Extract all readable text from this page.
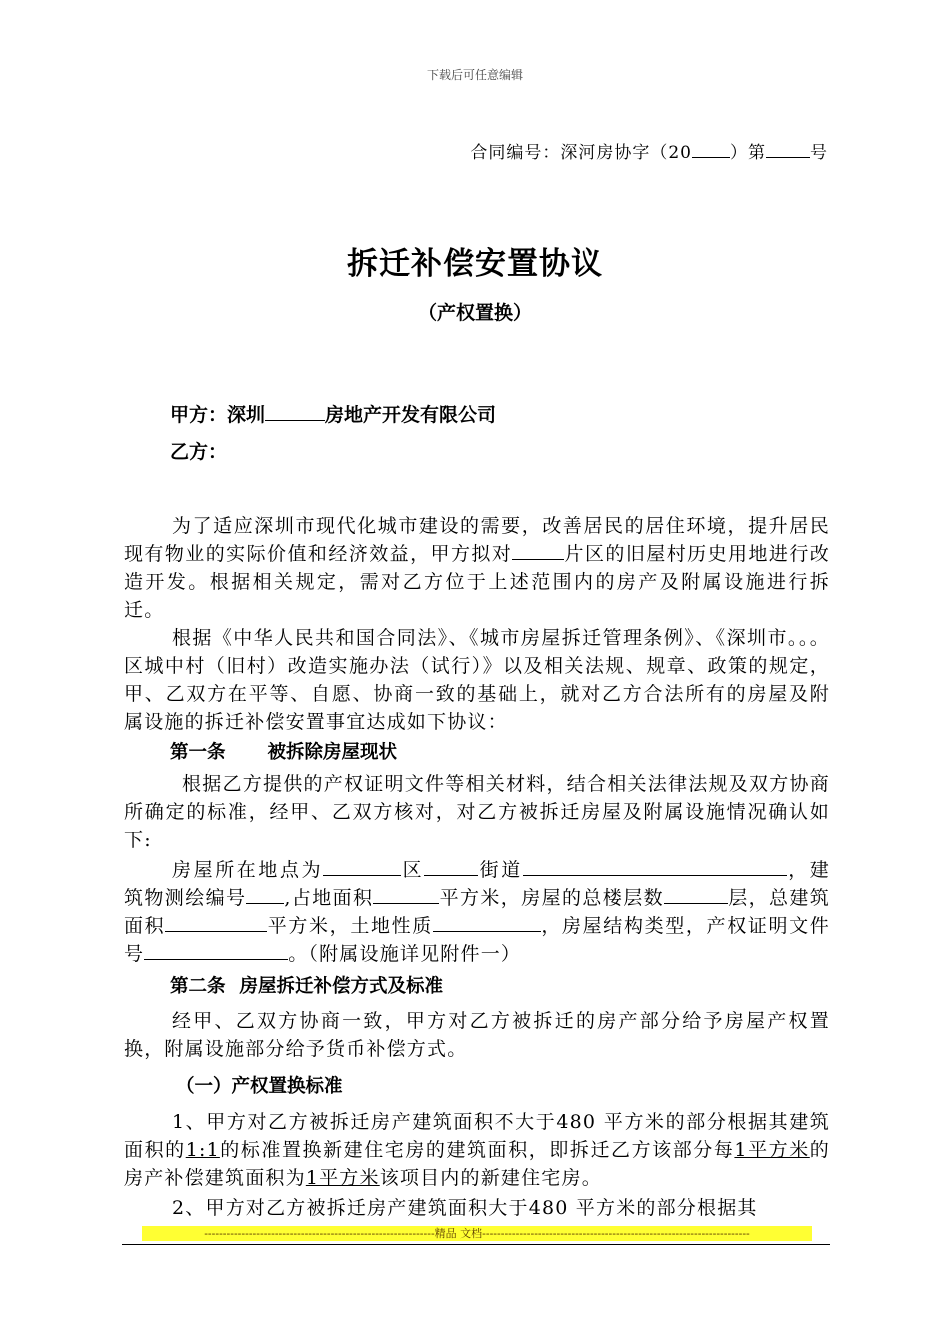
下载后可任意编辑
合同编号：深河房协字（20 ）第	号
拆迁补偿安置协议
（产权置换）
甲方：深圳	房地产开发有限公司
乙方：
为了适应深圳市现代化城市建设的需要，改善居民的居住环境，提升居民现有物业的实际价值和经济效益，甲方拟对	片区的旧屋村历史用地进行改造开发。根据相关规定，需对乙方位于上述范围内的房产及附属设施进行拆迁。
根据《中华人民共和国合同法》、《城市房屋拆迁管理条例》、《深圳市。。。区城中村（旧村）改造实施办法（试行）》以及相关法规、规章、政策的规定，甲、乙双方在平等、自愿、协商一致的基础上，就对乙方合法所有的房屋及附属设施的拆迁补偿安置事宜达成如下协议：
第一条 被拆除房屋现状
根据乙方提供的产权证明文件等相关材料，结合相关法律法规及双方协商所确定的标准，经甲、乙双方核对，对乙方被拆迁房屋及附属设施情况确认如下:
房屋所在地点为	区	街道	，建筑物测绘编号 ,占地面积	平方米，房屋的总楼层数	层，总建筑面积	平方米，土地性质	，房屋结构类型，产权证明文件号	。（附属设施详见附件一）
第二条 房屋拆迁补偿方式及标准
经甲、乙双方协商一致，甲方对乙方被拆迁的房产部分给予房屋产权置换，附属设施部分给予货币补偿方式。
（一）产权置换标准
1、甲方对乙方被拆迁房产建筑面积不大于480 平方米的部分根据其建筑面积的1:1的标准置换新建住宅房的建筑面积，即拆迁乙方该部分每1平方米的房产补偿建筑面积为1平方米该项目内的新建住宅房。
2、甲方对乙方被拆迁房产建筑面积大于480 平方米的部分根据其
--------------------------------------------------------------精品 文档------------------------------------------------------------------------
